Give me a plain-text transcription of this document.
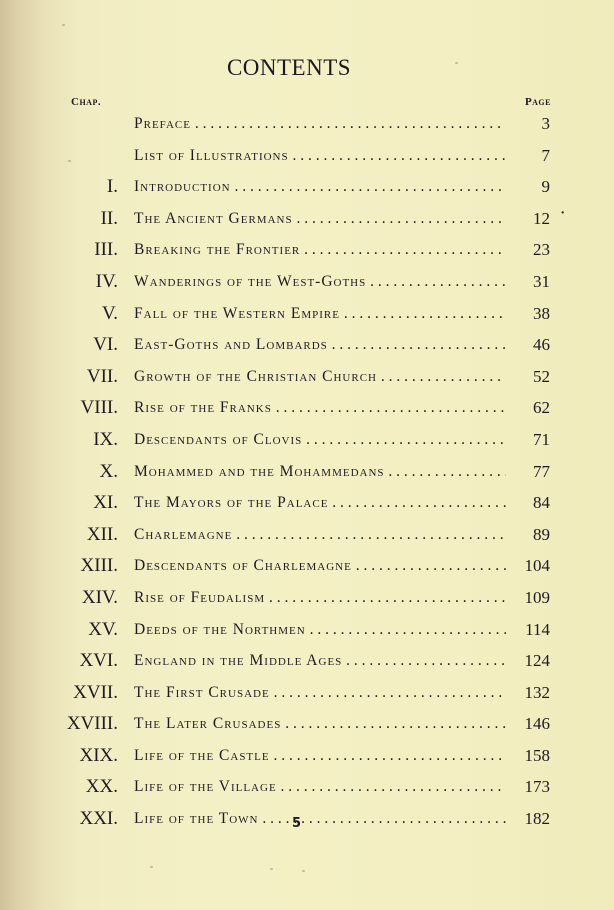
CONTENTS
Chap.	Page
Preface . . .	3
List of Illustrations . . .	7
I. Introduction . . .	9
II. The Ancient Germans . . .	12
III. Breaking the Frontier . . .	23
IV. Wanderings of the West-Goths . . .	31
V. Fall of the Western Empire . . .	38
VI. East-Goths and Lombards . . .	46
VII. Growth of the Christian Church . . .	52
VIII. Rise of the Franks . . .	62
IX. Descendants of Clovis . . .	71
X. Mohammed and the Mohammedans . . .	77
XI. The Mayors of the Palace . . .	84
XII. Charlemagne . . .	89
XIII. Descendants of Charlemagne . . .	104
XIV. Rise of Feudalism . . .	109
XV. Deeds of the Northmen . . .	114
XVI. England in the Middle Ages . . .	124
XVII. The First Crusade . . .	132
XVIII. The Later Crusades . . .	146
XIX. Life of the Castle . . .	158
XX. Life of the Village . . .	173
XXI. Life of the Town . . .	182
·
5
